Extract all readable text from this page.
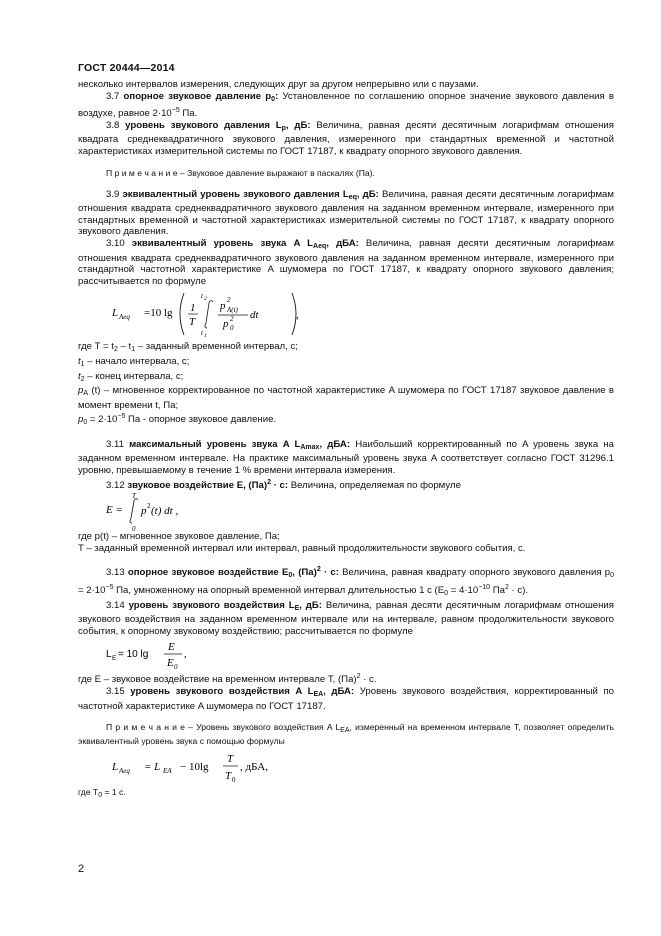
ГОСТ 20444—2014

несколько интервалов измерения, следующих друг за другом непрерывно или с паузами.

3.7 опорное звуковое давление $p_0$: Установленное по соглашению опорное значение звукового давления в воздухе, равное $2\cdot 10^{-5}$ Па.

3.8 уровень звукового давления $L_p$, дБ: Величина, равная десяти десятичным логарифмам отношения квадрата среднеквадратичного звукового давления, измеренного при стандартных временной и частотной характеристиках измерительной системы по ГОСТ 17187, к квадрату опорного звукового давления.

П р и м е ч а н и е – Звуковое давление выражают в паскалях (Па).

3.9 эквивалентный уровень звукового давления $L_{eq}$, дБ: Величина, равная десяти десятичным логарифмам отношения квадрата среднеквадратичного звукового давления на заданном временном интервале, измеренного при стандартных временной и частотной характеристиках измерительной системы по ГОСТ 17187, к квадрату опорного звукового давления.

3.10 эквивалентный уровень звука A $L_{Aeq}$, дБА: Величина, равная десяти десятичным логарифмам отношения квадрата среднеквадратичного звукового давления на заданном временном интервале, измеренного при стандартной частотной характеристике A шумомера по ГОСТ 17187, к квадрату опорного звукового давления; рассчитывается по формуле

L Aeq =10 lg 1
T
t 2
t 1
p 2
A(t)
p 2
0
dt	,

где $T = t_2 - t_1$ – заданный временной интервал, с;

$t_1$ – начало интервала, с;

$t_2$ – конец интервала, с;

$p_A$ (t) – мгновенное корректированное по частотной характеристике A шумомера по ГОСТ 17187 звуковое давление в момент времени t, Па;

$p_0 = 2\cdot 10^{-5}$ Па - опорное звуковое давление.

3.11 максимальный уровень звука A $L_{Amax}$, дБА: Наибольший корректированный по A уровень звука на заданном временном интервале. На практике максимальный уровень звука A соответствует согласно ГОСТ 31296.1 уровню, превышаемому в течение 1 % времени интервала измерения.

3.12 звуковое воздействие E, (Па)$^2$ · с: Величина, определяемая по формуле

E =
T
0
p 2 (t) dt ,

где p(t) – мгновенное звуковое давление, Па;

T – заданный временной интервал или интервал, равный продолжительности звукового события, с.

3.13 опорное звуковое воздействие $E_0$, (Па)$^2$ · с: Величина, равная квадрату опорного звукового давления $p_0 = 2\cdot 10^{-5}$ Па, умноженному на опорный временной интервал длительностью 1 с ($E_0 = 4\cdot 10^{-10}$ $Па^2 \cdot с$).

3.14 уровень звукового воздействия $L_E$, дБ: Величина, равная десяти десятичным логарифмам отношения звукового воздействия на заданном временном интервале или на интервале, равном продолжительности звукового события, к опорному звуковому воздействию; рассчитывается по формуле

L E = 10 lg
E
E 0
,

где E – звуковое воздействие на временном интервале T, (Па)$^2$ · с.

3.15 уровень звукового воздействия A $L_{EA}$, дБА: Уровень звукового воздействия, корректированный по частотной характеристике A шумомера по ГОСТ 17187.

П р и м е ч а н и е – Уровень звукового воздействия A $L_{EA}$, измеренный на временном интервале T, позволяет определить эквивалентный уровень звука с помощью формулы

L Aeq = L EA − 10lg
T
T 0
, дБА,

где $T_0 = 1$ с.

2
